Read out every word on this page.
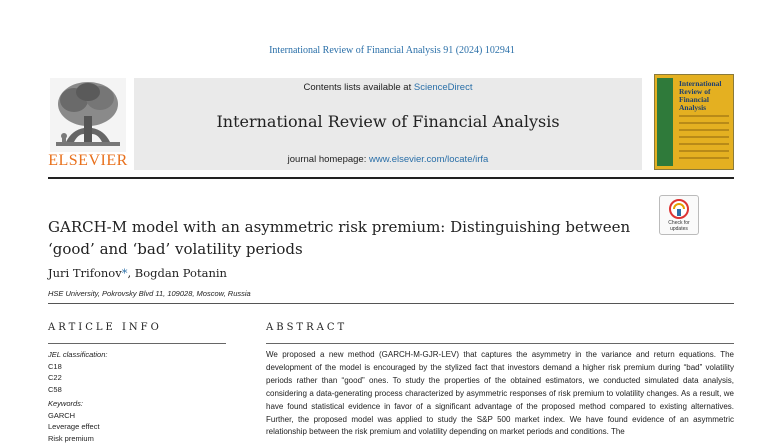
International Review of Financial Analysis 91 (2024) 102941
ELSEVIER
Contents lists available at ScienceDirect
International Review of Financial Analysis
journal homepage: www.elsevier.com/locate/irfa
International Review of Financial Analysis
GARCH-M model with an asymmetric risk premium: Distinguishing between
‘good’ and ‘bad’ volatility periods
Check for updates
Juri Trifonov*, Bogdan Potanin
HSE University, Pokrovsky Blvd 11, 109028, Moscow, Russia
ARTICLE INFO	ABSTRACT
JEL classification:
C18
C22
C58
Keywords:
GARCH
Leverage effect
Risk premium
We proposed a new method (GARCH-M-GJR-LEV) that captures the asymmetry in the variance and return equations. The development of the model is encouraged by the stylized fact that investors demand a higher risk premium during “bad” volatility periods rather than “good” ones. To study the properties of the obtained estimators, we conducted simulated data analysis, considering a data-generating process characterized by asymmetric responses of risk premium to volatility changes. As a result, we have found statistical evidence in favor of a significant advantage of the proposed method compared to existing alternatives. Further, the proposed model was applied to study the S&P 500 market index. We have found evidence of an asymmetric relationship between the risk premium and volatility depending on market periods and conditions. The
